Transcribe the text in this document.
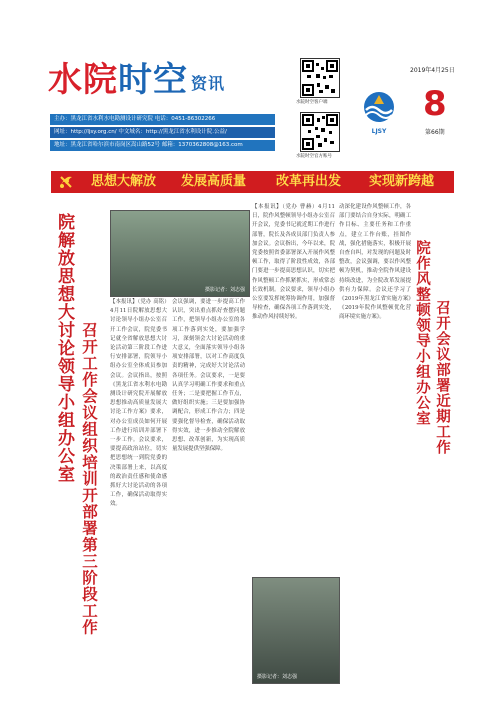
水院时空 资讯
主办：黑龙江省水利水电勘测设计研究院 电话：0451-86302266
网址：http://ljsy.org.cn/ 中文域名：http://黑龙江省水利设计院.公益/
地址：黑龙江省哈尔滨市南岗区嵩山路52号 邮箱：1370362808@163.com
水院时空客户端
水院时空官方账号
LJSY
2019年4月25日
8
第66期
思想大解放 发展高质量 改革再出发 实现新跨越
院解放思想大讨论领导小组办公室 召开工作会议组织培训开部署第三阶段工作
摄影记者：刘志强
【本报讯】（党办 高铭）4月11日院解放思想大讨论领导小组办公室召开工作会议，院党委书记就全省解放思想大讨论活动第三阶段工作进行安排部署，院领导小组办公室全体成员参加会议。会议指出，按照《黑龙江省水利水电勘测设计研究院开展解放思想推动高质量发展大讨论工作方案》要求，对办公室成员如何开展工作进行培训并部署下一步工作。会议要求，要提高政治站位，切实把思想统一到院党委的决策部署上来，以高度的政治责任感和使命感抓好大讨论活动的各项工作，确保活动取得实效。
会议强调，要进一步提高工作认识，突出重点抓好查摆问题工作，把领导小组办公室的各项工作落到实处，要加强学习，深刻领会大讨论活动的重大意义，全面落实领导小组各项安排部署，以对工作高度负责的精神，完成好大讨论活动各项任务。会议要求，一是要认真学习明确工作要求和重点任务；二是要把握工作节点，做好组织实施；三是要加强协调配合，形成工作合力；四是要强化督导检查，确保活动取得实效，进一步推动全院解放思想、改革创新，为实现高质量发展提供坚强保障。
【本报讯】（党办 曹赫）4月11日，院作风整顿领导小组办公室召开会议，党委书记就近期工作进行部署，院长及各成员部门负责人参加会议。会议指出，今年以来，院党委按照省委部署深入开展作风整顿工作，取得了阶段性成效，各部门要进一步提高思想认识，切实把作风整顿工作抓紧抓实，形成常态长效机制。会议要求，领导小组办公室要发挥统筹协调作用，加强督导检查，确保各项工作落到实处，推动作风持续好转。
动深化建设作风整顿工作，各部门要结合自身实际，明确工作目标、主要任务和工作重点，建立工作台账，挂图作战，强化措施落实，积极开展自查自纠，对发现的问题及时整改，会议强调，要以作风整顿为契机，推动全院作风建设持续改进，为全院改革发展提供有力保障。会议还学习了《2019年黑龙江省实施方案》《2019年院作风整顿优化营商环境实施方案》。	院作风整顿领导小组办公室 召开会议部署近期工作
摄影记者：刘志强
